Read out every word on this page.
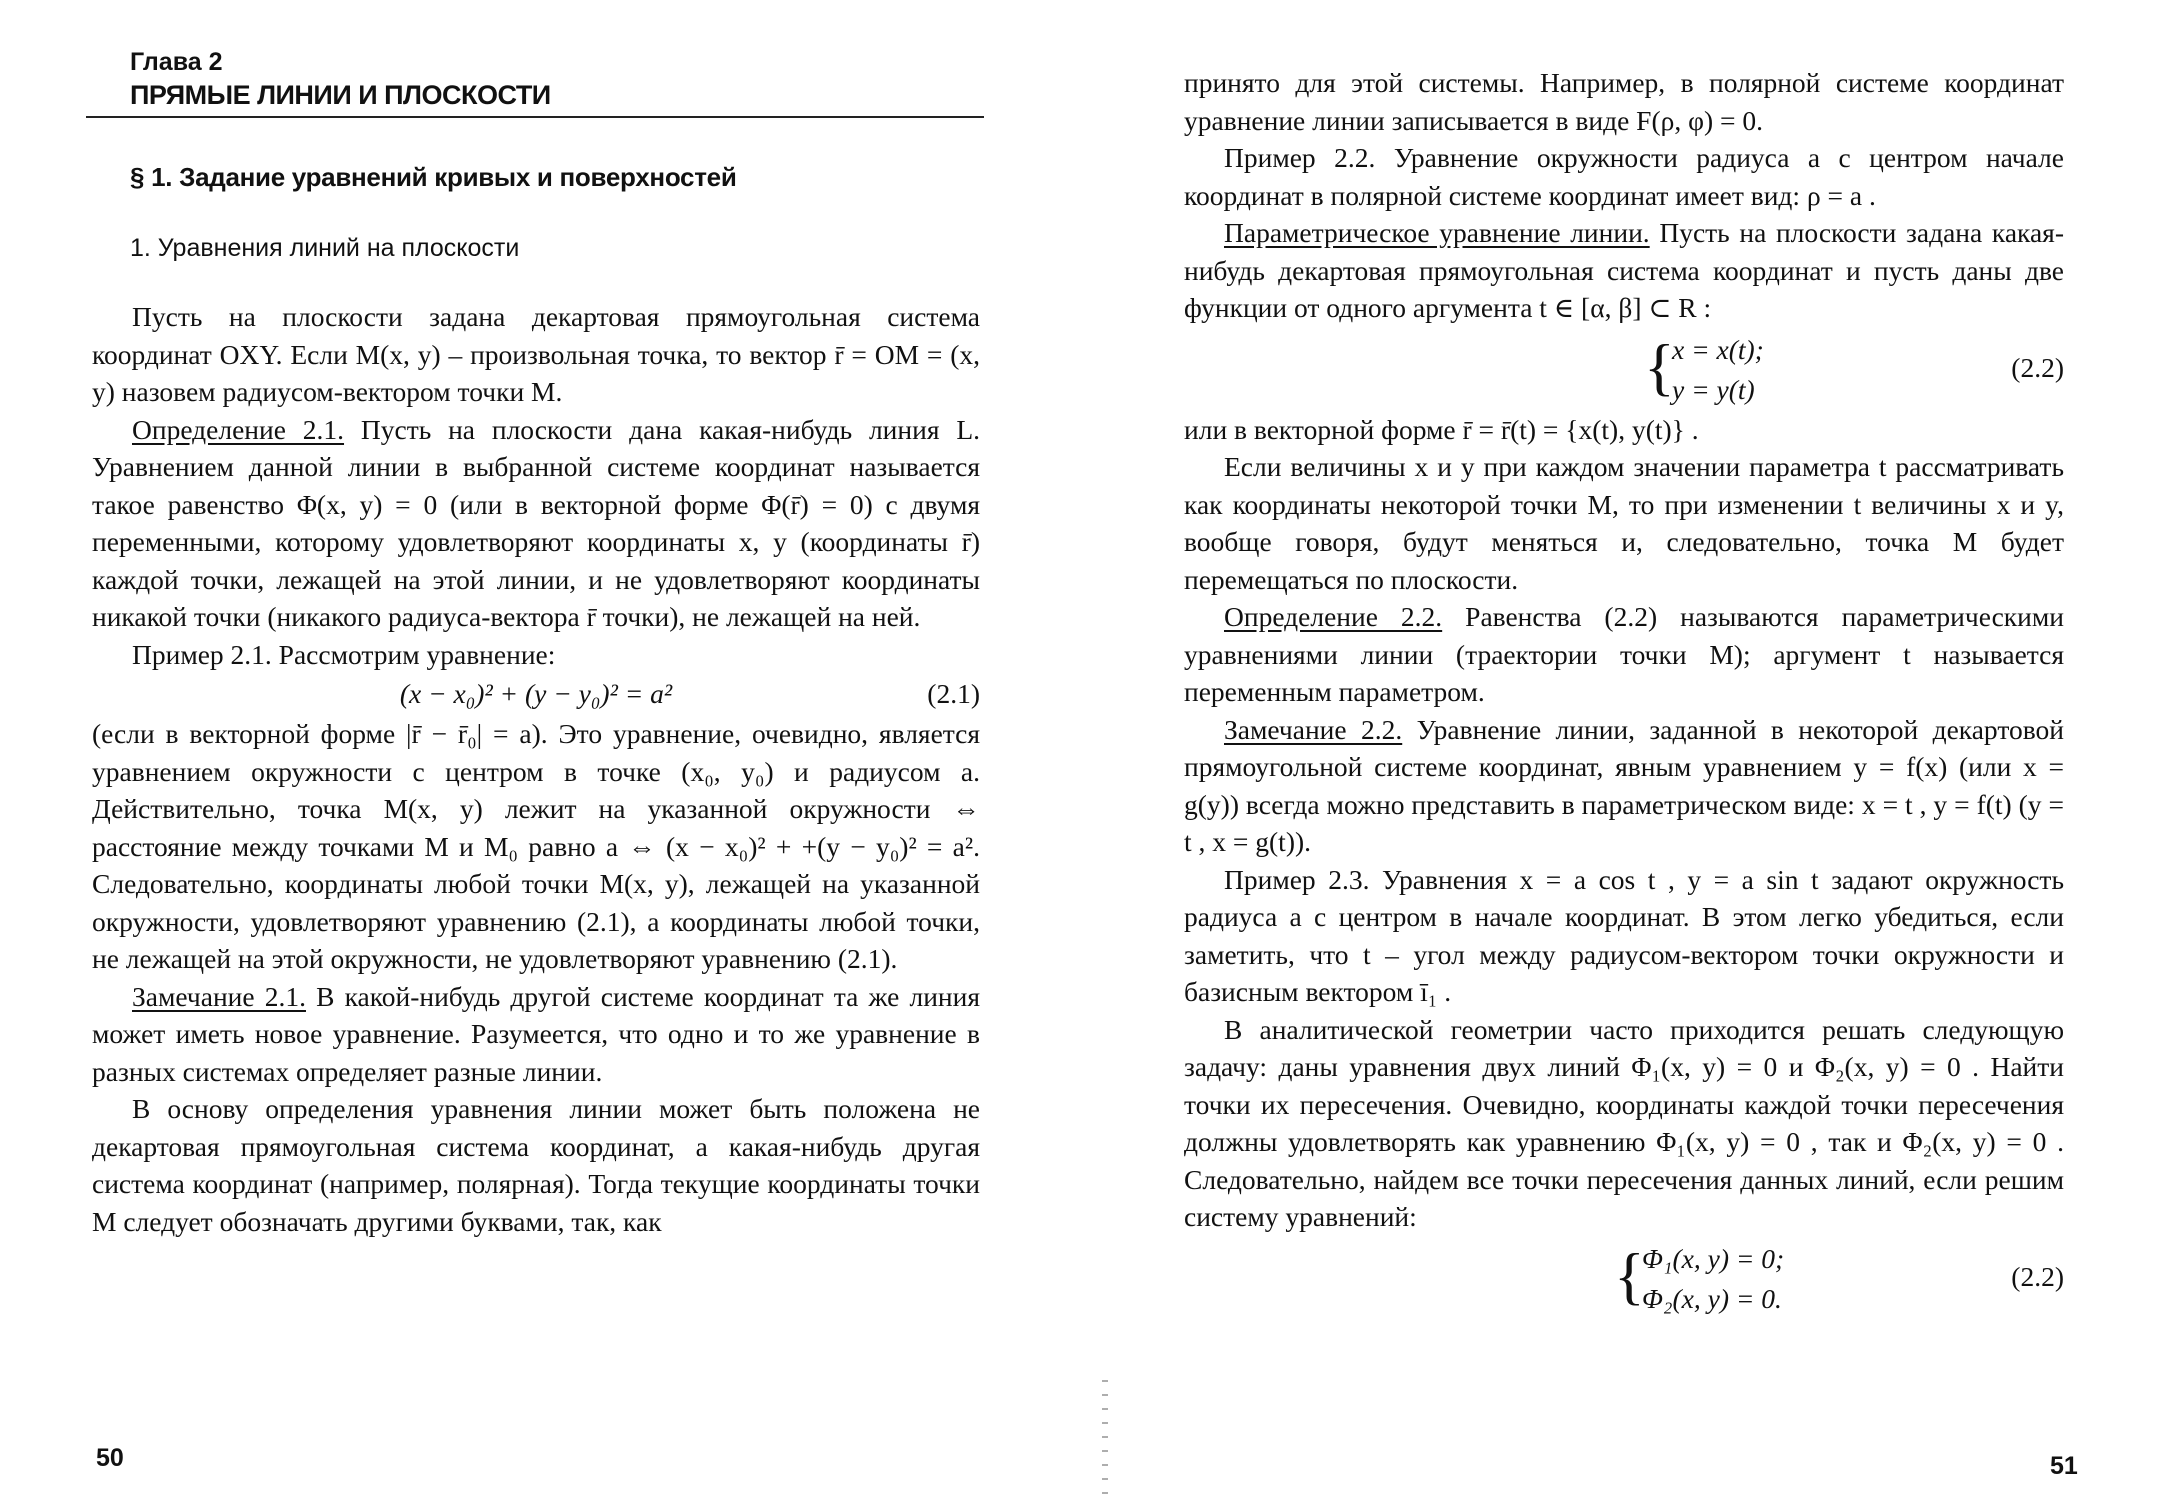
Глава 2
ПРЯМЫЕ ЛИНИИ И ПЛОСКОСТИ
§ 1. Задание уравнений кривых и поверхностей
1. Уравнения линий на плоскости

Пусть на плоскости задана декартовая прямоугольная система координат OXY. Если M(x, y) – произвольная точка, то вектор r̄ = OM = (x, y) назовем радиусом-вектором точки M.

Определение 2.1. Пусть на плоскости дана какая-нибудь линия L. Уравнением данной линии в выбранной системе координат называется такое равенство Φ(x, y) = 0 (или в векторной форме Φ(r̄) = 0) с двумя переменными, которому удовлетворяют координаты x, y (координаты r̄) каждой точки, лежащей на этой линии, и не удовлетворяют координаты никакой точки (никакого радиуса-вектора r̄ точки), не лежащей на ней.

Пример 2.1. Рассмотрим уравнение:

(x − x₀)² + (y − y₀)² = a²	(2.1)

(если в векторной форме |r̄ − r̄₀| = a). Это уравнение, очевидно, является уравнением окружности с центром в точке (x₀, y₀) и радиусом a. Действительно, точка M(x, y) лежит на указанной окружности ⇔ расстояние между точками M и M₀ равно a ⇔ (x − x₀)² + +(y − y₀)² = a². Следовательно, координаты любой точки M(x, y), лежащей на указанной окружности, удовлетворяют уравнению (2.1), а координаты любой точки, не лежащей на этой окружности, не удовлетворяют уравнению (2.1).

Замечание 2.1. В какой-нибудь другой системе координат та же линия может иметь новое уравнение. Разумеется, что одно и то же уравнение в разных системах определяет разные линии.

В основу определения уравнения линии может быть положена не декартовая прямоугольная система координат, а какая-нибудь другая система координат (например, полярная). Тогда текущие координаты точки M следует обозначать другими буквами, так, как

50

принято для этой системы. Например, в полярной системе координат уравнение линии записывается в виде F(ρ, φ) = 0.

Пример 2.2. Уравнение окружности радиуса a с центром начале координат в полярной системе координат имеет вид: ρ = a .

Параметрическое уравнение линии. Пусть на плоскости задана какая-нибудь декартовая прямоугольная система координат и пусть даны две функции от одного аргумента t ∈ [α, β] ⊂ R :

{
x = x(t);
y = y(t)
(2.2)

или в векторной форме r̄ = r̄(t) = {x(t), y(t)} .

Если величины x и y при каждом значении параметра t рассматривать как координаты некоторой точки M, то при изменении t величины x и y, вообще говоря, будут меняться и, следовательно, точка M будет перемещаться по плоскости.

Определение 2.2. Равенства (2.2) называются параметрическими уравнениями линии (траектории точки M); аргумент t называется переменным параметром.

Замечание 2.2. Уравнение линии, заданной в некоторой декартовой прямоугольной системе координат, явным уравнением y = f(x) (или x = g(y)) всегда можно представить в параметрическом виде: x = t , y = f(t) (y = t , x = g(t)).

Пример 2.3. Уравнения x = a cos t , y = a sin t задают окружность радиуса a с центром в начале координат. В этом легко убедиться, если заметить, что t – угол между радиусом-вектором точки окружности и базисным вектором ī₁ .

В аналитической геометрии часто приходится решать следующую задачу: даны уравнения двух линий Φ₁(x, y) = 0 и Φ₂(x, y) = 0 . Найти точки их пересечения. Очевидно, координаты каждой точки пересечения должны удовлетворять как уравнению Φ₁(x, y) = 0 , так и Φ₂(x, y) = 0 . Следовательно, найдем все точки пересечения данных линий, если решим систему уравнений:

{
Φ₁(x, y) = 0;
Φ₂(x, y) = 0.
(2.2)
51
